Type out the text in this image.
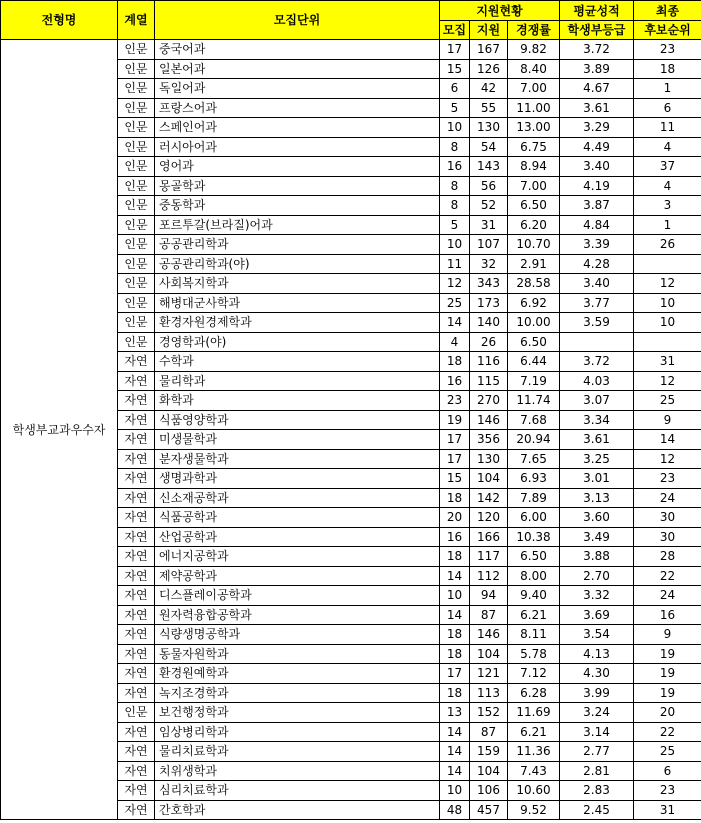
전형명	계열	모집단위	지원현황			평균성적	최종
			모집	지원	경쟁률	학생부등급	후보순위
학생부교과우수자	인문	중국어과	17	167	9.82	3.72	23
	인문	일본어과	15	126	8.40	3.89	18
	인문	독일어과	6	42	7.00	4.67	1
	인문	프랑스어과	5	55	11.00	3.61	6
	인문	스페인어과	10	130	13.00	3.29	11
	인문	러시아어과	8	54	6.75	4.49	4
	인문	영어과	16	143	8.94	3.40	37
	인문	몽골학과	8	56	7.00	4.19	4
	인문	중동학과	8	52	6.50	3.87	3
	인문	포르투갈(브라질)어과	5	31	6.20	4.84	1
	인문	공공관리학과	10	107	10.70	3.39	26
	인문	공공관리학과(야)	11	32	2.91	4.28	
	인문	사회복지학과	12	343	28.58	3.40	12
	인문	해병대군사학과	25	173	6.92	3.77	10
	인문	환경자원경제학과	14	140	10.00	3.59	10
	인문	경영학과(야)	4	26	6.50		
	자연	수학과	18	116	6.44	3.72	31
	자연	물리학과	16	115	7.19	4.03	12
	자연	화학과	23	270	11.74	3.07	25
	자연	식품영양학과	19	146	7.68	3.34	9
	자연	미생물학과	17	356	20.94	3.61	14
	자연	분자생물학과	17	130	7.65	3.25	12
	자연	생명과학과	15	104	6.93	3.01	23
	자연	신소재공학과	18	142	7.89	3.13	24
	자연	식품공학과	20	120	6.00	3.60	30
	자연	산업공학과	16	166	10.38	3.49	30
	자연	에너지공학과	18	117	6.50	3.88	28
	자연	제약공학과	14	112	8.00	2.70	22
	자연	디스플레이공학과	10	94	9.40	3.32	24
	자연	원자력융합공학과	14	87	6.21	3.69	16
	자연	식량생명공학과	18	146	8.11	3.54	9
	자연	동물자원학과	18	104	5.78	4.13	19
	자연	환경원예학과	17	121	7.12	4.30	19
	자연	녹지조경학과	18	113	6.28	3.99	19
	인문	보건행정학과	13	152	11.69	3.24	20
	자연	임상병리학과	14	87	6.21	3.14	22
	자연	물리치료학과	14	159	11.36	2.77	25
	자연	치위생학과	14	104	7.43	2.81	6
	자연	심리치료학과	10	106	10.60	2.83	23
	자연	간호학과	48	457	9.52	2.45	31
